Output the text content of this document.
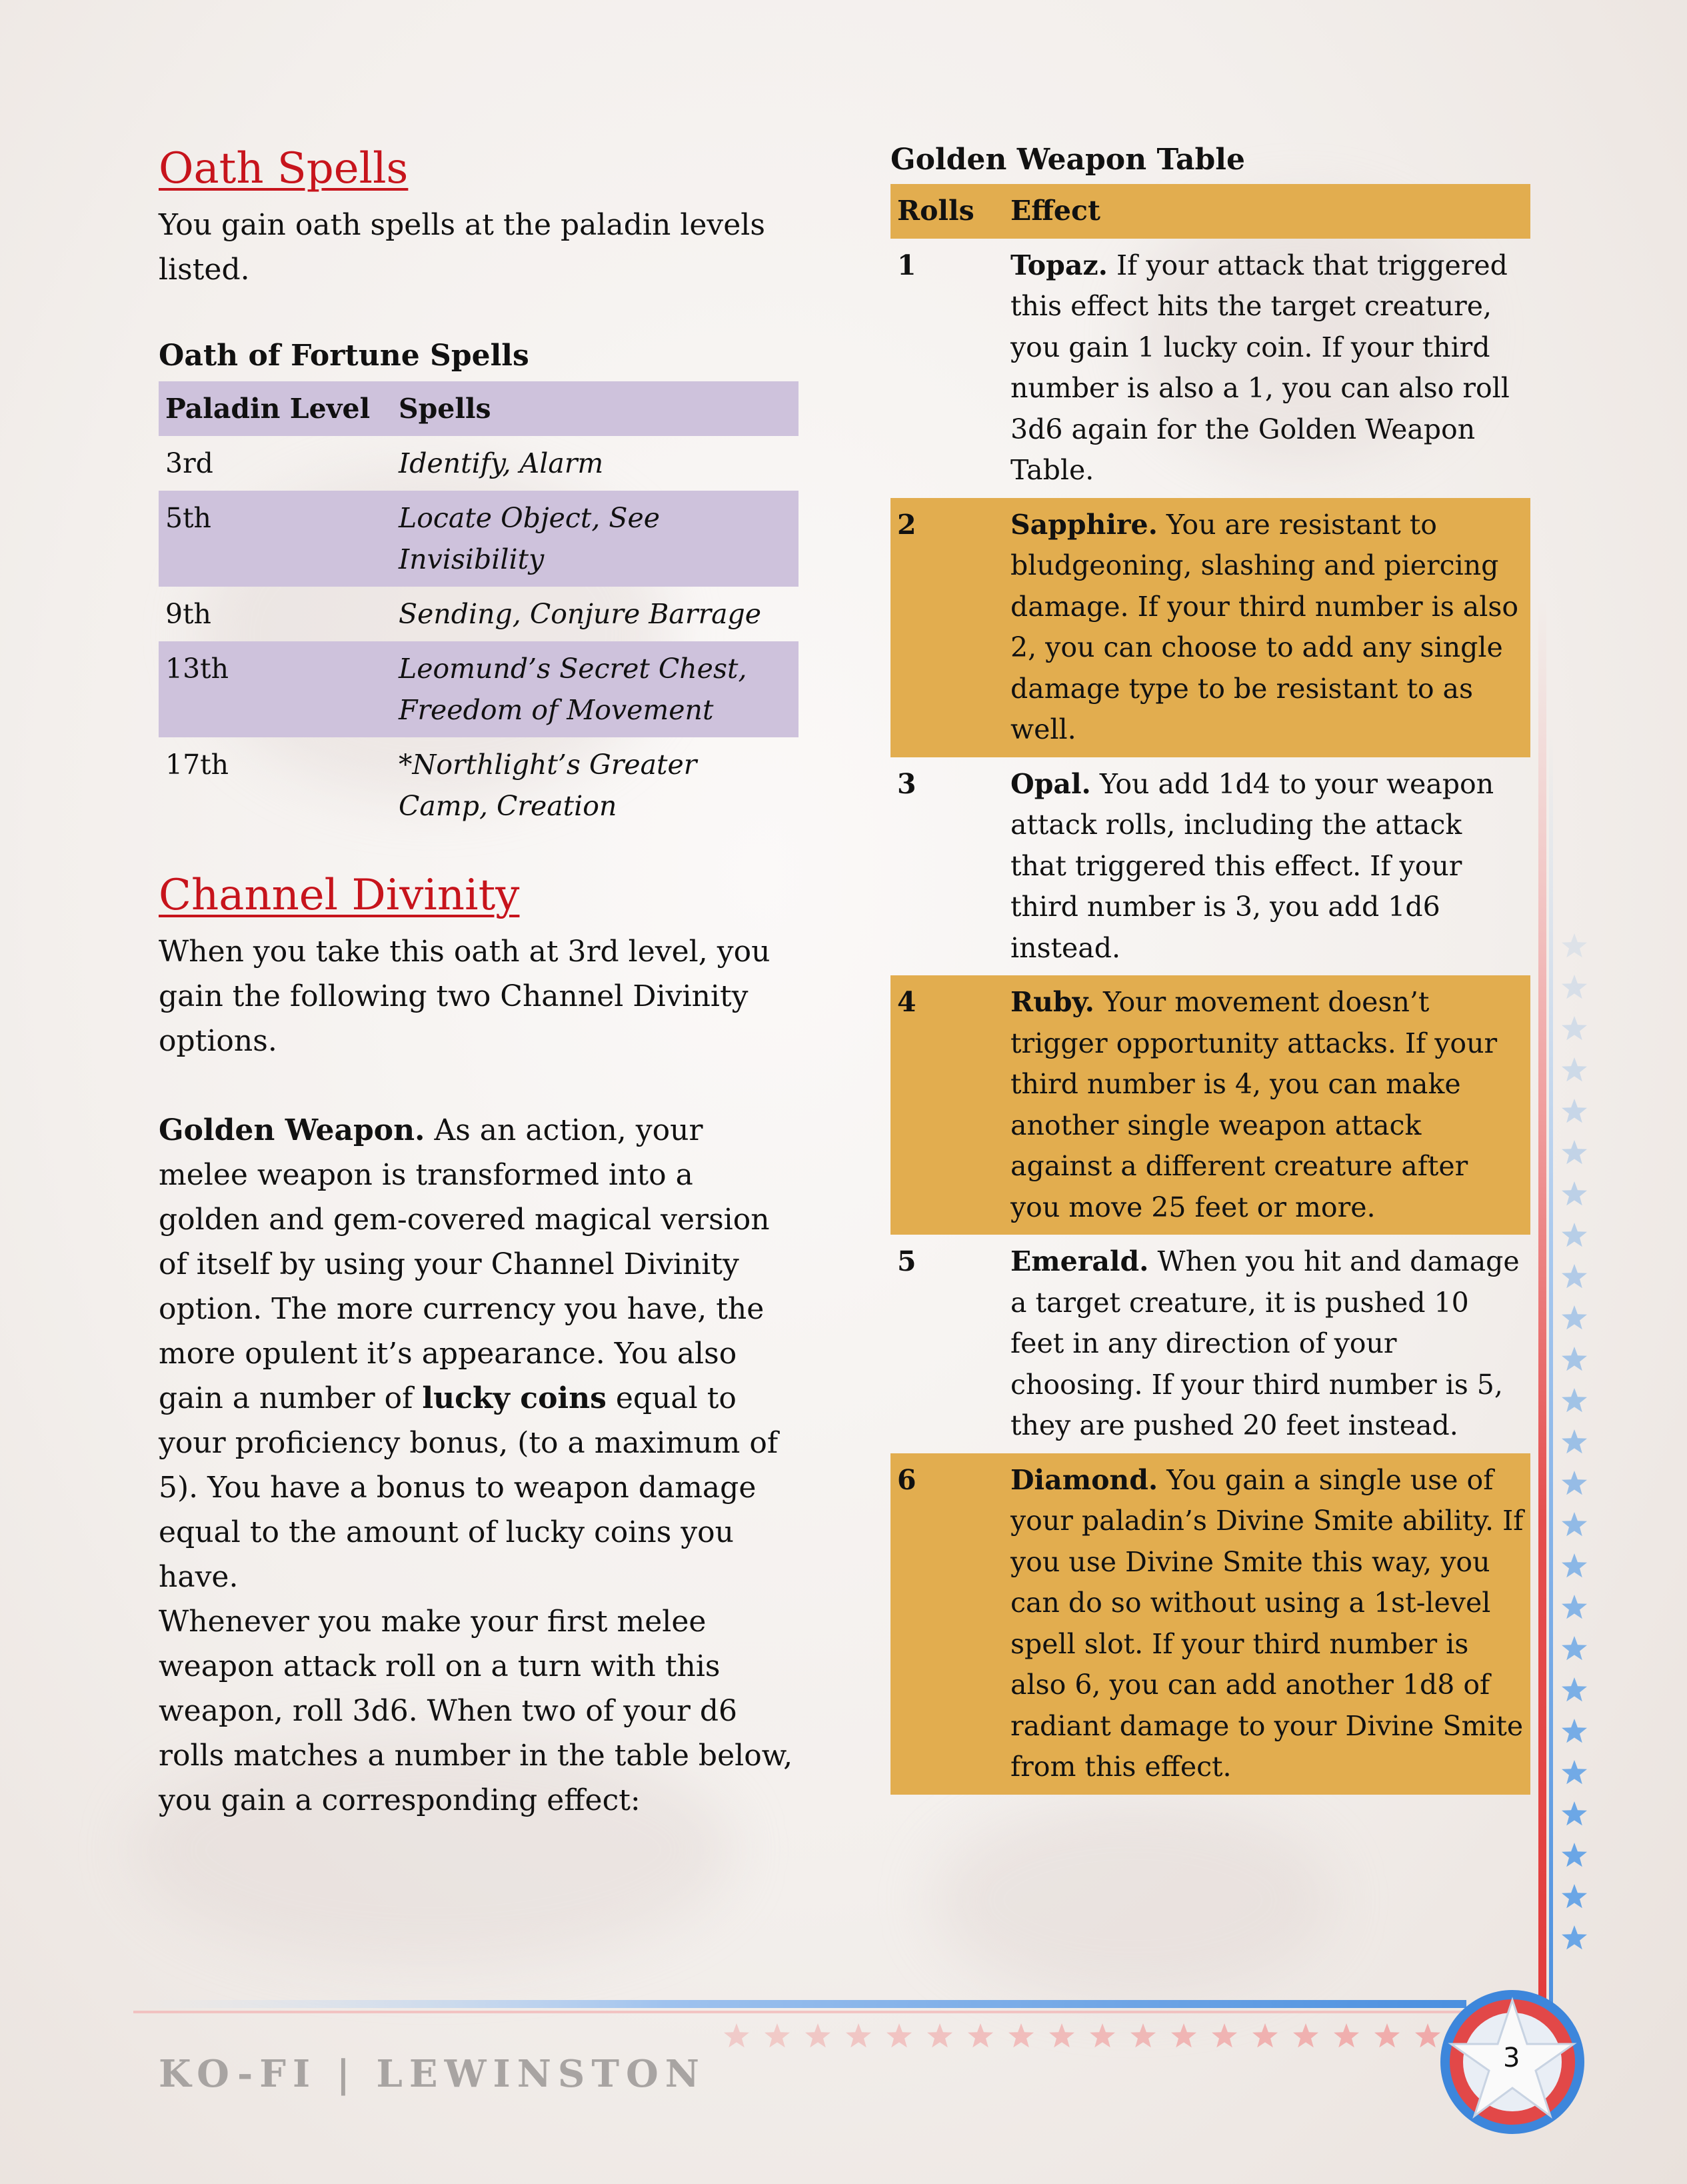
Oath Spells

You gain oath spells at the paladin levels listed.

Oath of Fortune Spells
Paladin Level	Spells
3rd	Identify, Alarm
5th	Locate Object, See Invisibility
9th	Sending, Conjure Barrage
13th	Leomund’s Secret Chest, Freedom of Movement
17th	*Northlight’s Greater Camp, Creation
Channel Divinity

When you take this oath at 3rd level, you gain the following two Channel Divinity options.

Golden Weapon. As an action, your melee weapon is transformed into a golden and gem-covered magical version of itself by using your Channel Divinity option. The more currency you have, the more opulent it’s appearance. You also gain a number of lucky coins equal to your proficiency bonus, (to a maximum of 5). You have a bonus to weapon damage equal to the amount of lucky coins you have.

Whenever you make your first melee weapon attack roll on a turn with this weapon, roll 3d6. When two of your d6 rolls matches a number in the table below, you gain a corresponding effect:

Golden Weapon Table
Rolls	Effect
1	Topaz. If your attack that triggered this effect hits the target creature, you gain 1 lucky coin. If your third number is also a 1, you can also roll 3d6 again for the Golden Weapon Table.
2	Sapphire. You are resistant to bludgeoning, slashing and piercing damage. If your third number is also 2, you can choose to add any single damage type to be resistant to as well.
3	Opal. You add 1d4 to your weapon attack rolls, including the attack that triggered this effect. If your third number is 3, you add 1d6 instead.
4	Ruby. Your movement doesn’t trigger opportunity attacks. If your third number is 4, you can make another single weapon attack against a different creature after you move 25 feet or more.
5	Emerald. When you hit and damage a target creature, it is pushed 10 feet in any direction of your choosing. If your third number is 5, they are pushed 20 feet instead.
6	Diamond. You gain a single use of your paladin’s Divine Smite ability. If you use Divine Smite this way, you can do so without using a 1st-level spell slot. If your third number is also 6, you can add another 1d8 of radiant damage to your Divine Smite from this effect.
3
KO-FI | LEWINSTON
